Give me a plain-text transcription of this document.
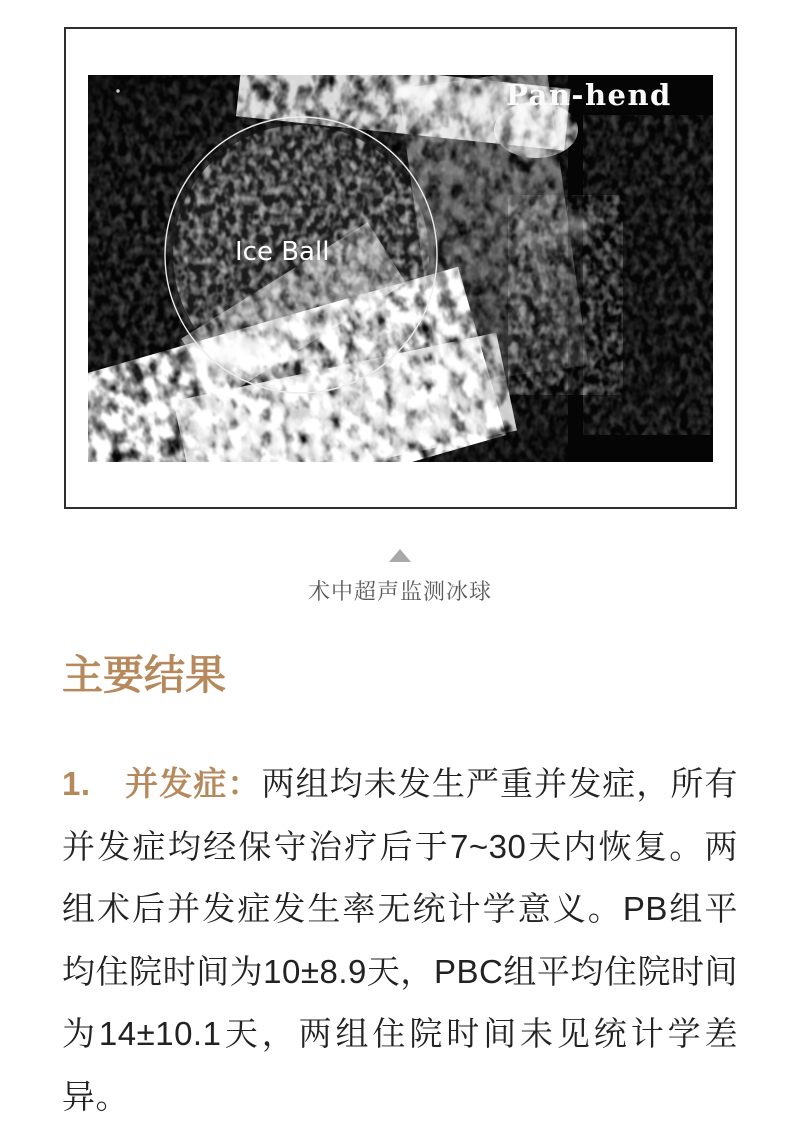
Pan-hend
Ice Ball
术中超声监测冰球
主要结果

1.　并发症：两组均未发生严重并发症，所有并发症均经保守治疗后于7~30天内恢复。两组术后并发症发生率无统计学意义。PB组平均住院时间为10±8.9天，PBC组平均住院时间为14±10.1天，两组住院时间未见统计学差异。
